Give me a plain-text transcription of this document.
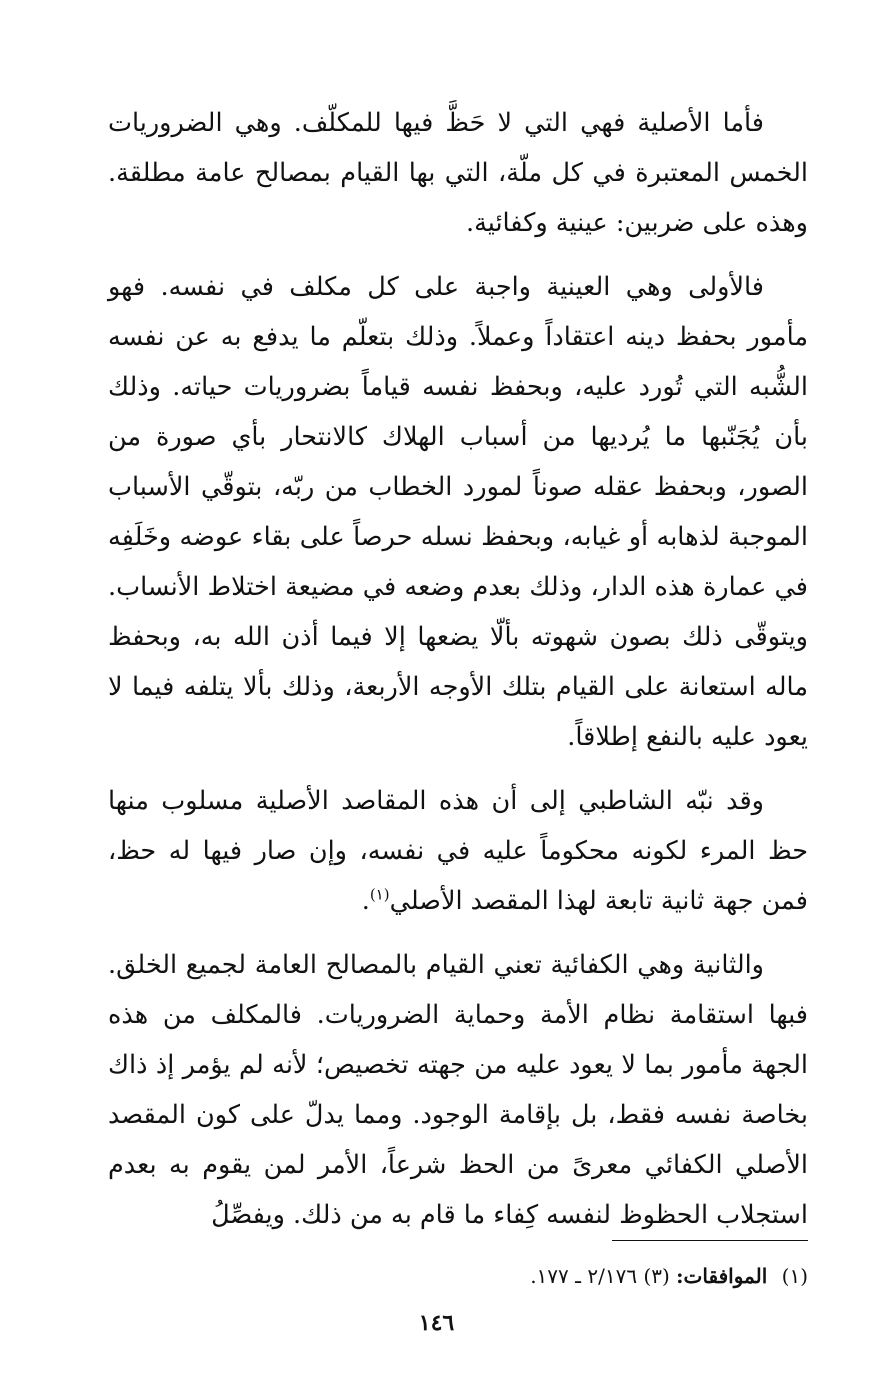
فأما الأصلية فهي التي لا حَظَّ فيها للمكلّف. وهي الضروريات الخمس المعتبرة في كل ملّة، التي بها القيام بمصالح عامة مطلقة. وهذه على ضربين: عينية وكفائية.

فالأولى وهي العينية واجبة على كل مكلف في نفسه. فهو مأمور بحفظ دينه اعتقاداً وعملاً. وذلك بتعلّم ما يدفع به عن نفسه الشُّبه التي تُورد عليه، وبحفظ نفسه قياماً بضروريات حياته. وذلك بأن يُجَنّبها ما يُرديها من أسباب الهلاك كالانتحار بأي صورة من الصور، وبحفظ عقله صوناً لمورد الخطاب من ربّه، بتوقّي الأسباب الموجبة لذهابه أو غيابه، وبحفظ نسله حرصاً على بقاء عوضه وخَلَفِه في عمارة هذه الدار، وذلك بعدم وضعه في مضيعة اختلاط الأنساب. ويتوقّى ذلك بصون شهوته بألّا يضعها إلا فيما أذن الله به، وبحفظ ماله استعانة على القيام بتلك الأوجه الأربعة، وذلك بألا يتلفه فيما لا يعود عليه بالنفع إطلاقاً.

وقد نبّه الشاطبي إلى أن هذه المقاصد الأصلية مسلوب منها حظ المرء لكونه محكوماً عليه في نفسه، وإن صار فيها له حظ، فمن جهة ثانية تابعة لهذا المقصد الأصلي

$^{(١)}$.

والثانية وهي الكفائية تعني القيام بالمصالح العامة لجميع الخلق. فبها استقامة نظام الأمة وحماية الضروريات. فالمكلف من هذه الجهة مأمور بما لا يعود عليه من جهته تخصيص؛ لأنه لم يؤمر إذ ذاك بخاصة نفسه فقط، بل بإقامة الوجود. ومما يدلّ على كون المقصد الأصلي الكفائي معرىً من الحظ شرعاً، الأمر لمن يقوم به بعدم استجلاب الحظوظ لنفسه كِفاء ما قام به من ذلك. ويفصِّلُ

(١) الموافقات: (٣) ٢/١٧٦ ـ ١٧٧.
١٤٦
